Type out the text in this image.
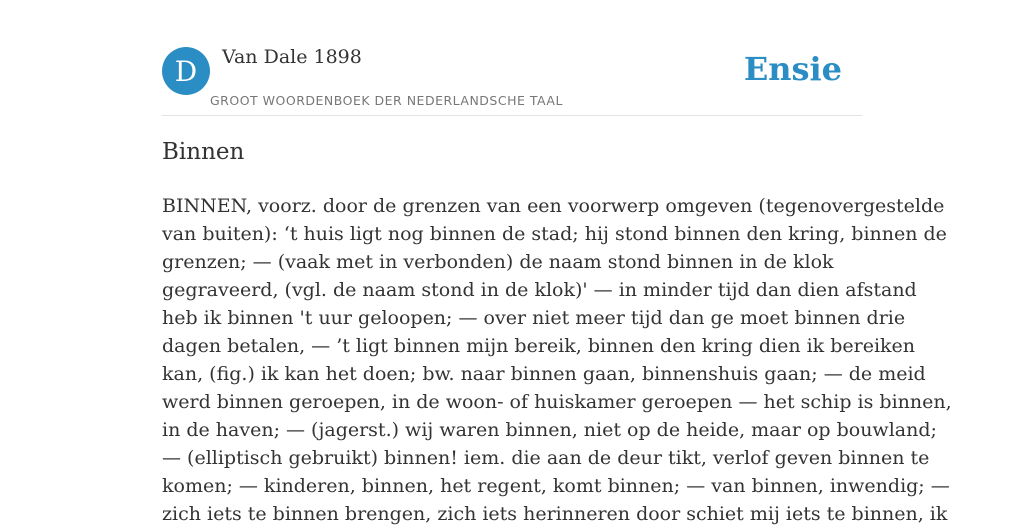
D	Van Dale 1898
GROOT WOORDENBOEK DER NEDERLANDSCHE TAAL
Ensie
Binnen
BINNEN, voorz. door de grenzen van een voorwerp omgeven (tegenovergestelde
van buiten): ‘t huis ligt nog binnen de stad; hij stond binnen den kring, binnen de
grenzen; — (vaak met in verbonden) de naam stond binnen in de klok
gegraveerd, (vgl. de naam stond in de klok)' — in minder tijd dan dien afstand
heb ik binnen 't uur geloopen; — over niet meer tijd dan ge moet binnen drie
dagen betalen, — ’t ligt binnen mijn bereik, binnen den kring dien ik bereiken
kan, (fig.) ik kan het doen; bw. naar binnen gaan, binnenshuis gaan; — de meid
werd binnen geroepen, in de woon- of huiskamer geroepen — het schip is binnen,
in de haven; — (jagerst.) wij waren binnen, niet op de heide, maar op bouwland;
— (elliptisch gebruikt) binnen! iem. die aan de deur tikt, verlof geven binnen te
komen; — kinderen, binnen, het regent, komt binnen; — van binnen, inwendig; —
zich iets te binnen brengen, zich iets herinneren door schiet mij iets te binnen, ik
